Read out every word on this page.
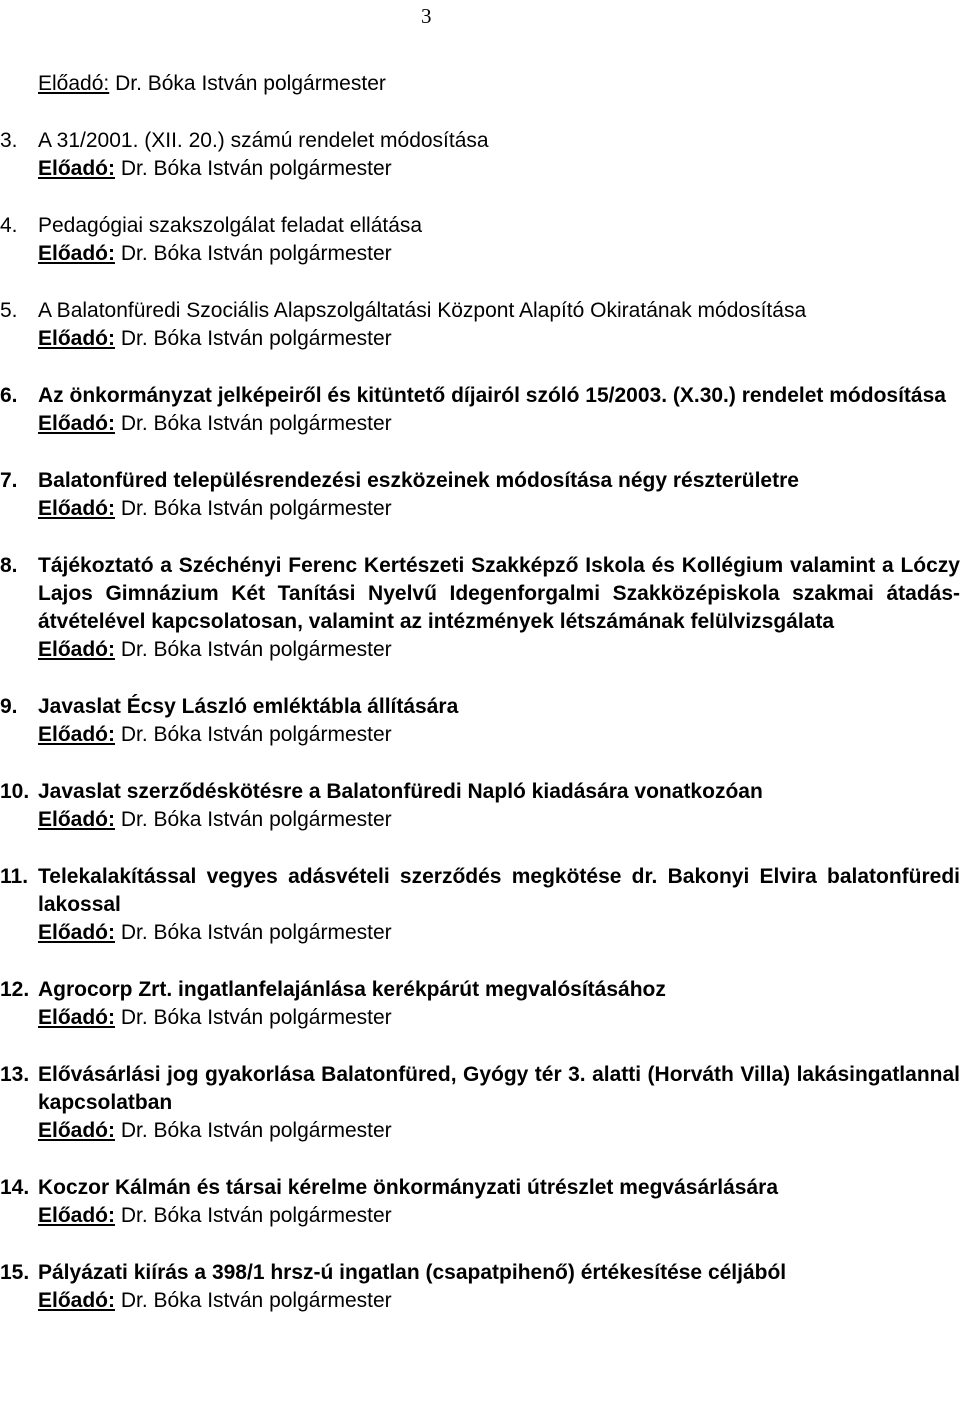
3
Előadó: Dr. Bóka István polgármester
3. A 31/2001. (XII. 20.) számú rendelet módosítása
Előadó: Dr. Bóka István polgármester
4. Pedagógiai szakszolgálat feladat ellátása
Előadó: Dr. Bóka István polgármester
5. A Balatonfüredi Szociális Alapszolgáltatási Központ Alapító Okiratának módosítása
Előadó: Dr. Bóka István polgármester
6. Az önkormányzat jelképeiről és kitüntető díjairól szóló 15/2003. (X.30.) rendelet módosítása
Előadó: Dr. Bóka István polgármester
7. Balatonfüred településrendezési eszközeinek módosítása négy részterületre
Előadó: Dr. Bóka István polgármester
8. Tájékoztató a Széchényi Ferenc Kertészeti Szakképző Iskola és Kollégium valamint a Lóczy Lajos Gimnázium Két Tanítási Nyelvű Idegenforgalmi Szakközépiskola szakmai átadás-átvételével kapcsolatosan, valamint az intézmények létszámának felülvizsgálata
Előadó: Dr. Bóka István polgármester
9. Javaslat Écsy László emléktábla állítására
Előadó: Dr. Bóka István polgármester
10. Javaslat szerződéskötésre a Balatonfüredi Napló kiadására vonatkozóan
Előadó: Dr. Bóka István polgármester
11. Telekalakítással vegyes adásvételi szerződés megkötése dr. Bakonyi Elvira balatonfüredi lakossal
Előadó: Dr. Bóka István polgármester
12. Agrocorp Zrt. ingatlanfelajánlása kerékpárút megvalósításához
Előadó: Dr. Bóka István polgármester
13. Elővásárlási jog gyakorlása Balatonfüred, Gyógy tér 3. alatti (Horváth Villa) lakásingatlannal kapcsolatban
Előadó: Dr. Bóka István polgármester
14. Koczor Kálmán és társai kérelme önkormányzati útrészlet megvásárlására
Előadó: Dr. Bóka István polgármester
15. Pályázati kiírás a 398/1 hrsz-ú ingatlan (csapatpihenő) értékesítése céljából
Előadó: Dr. Bóka István polgármester
